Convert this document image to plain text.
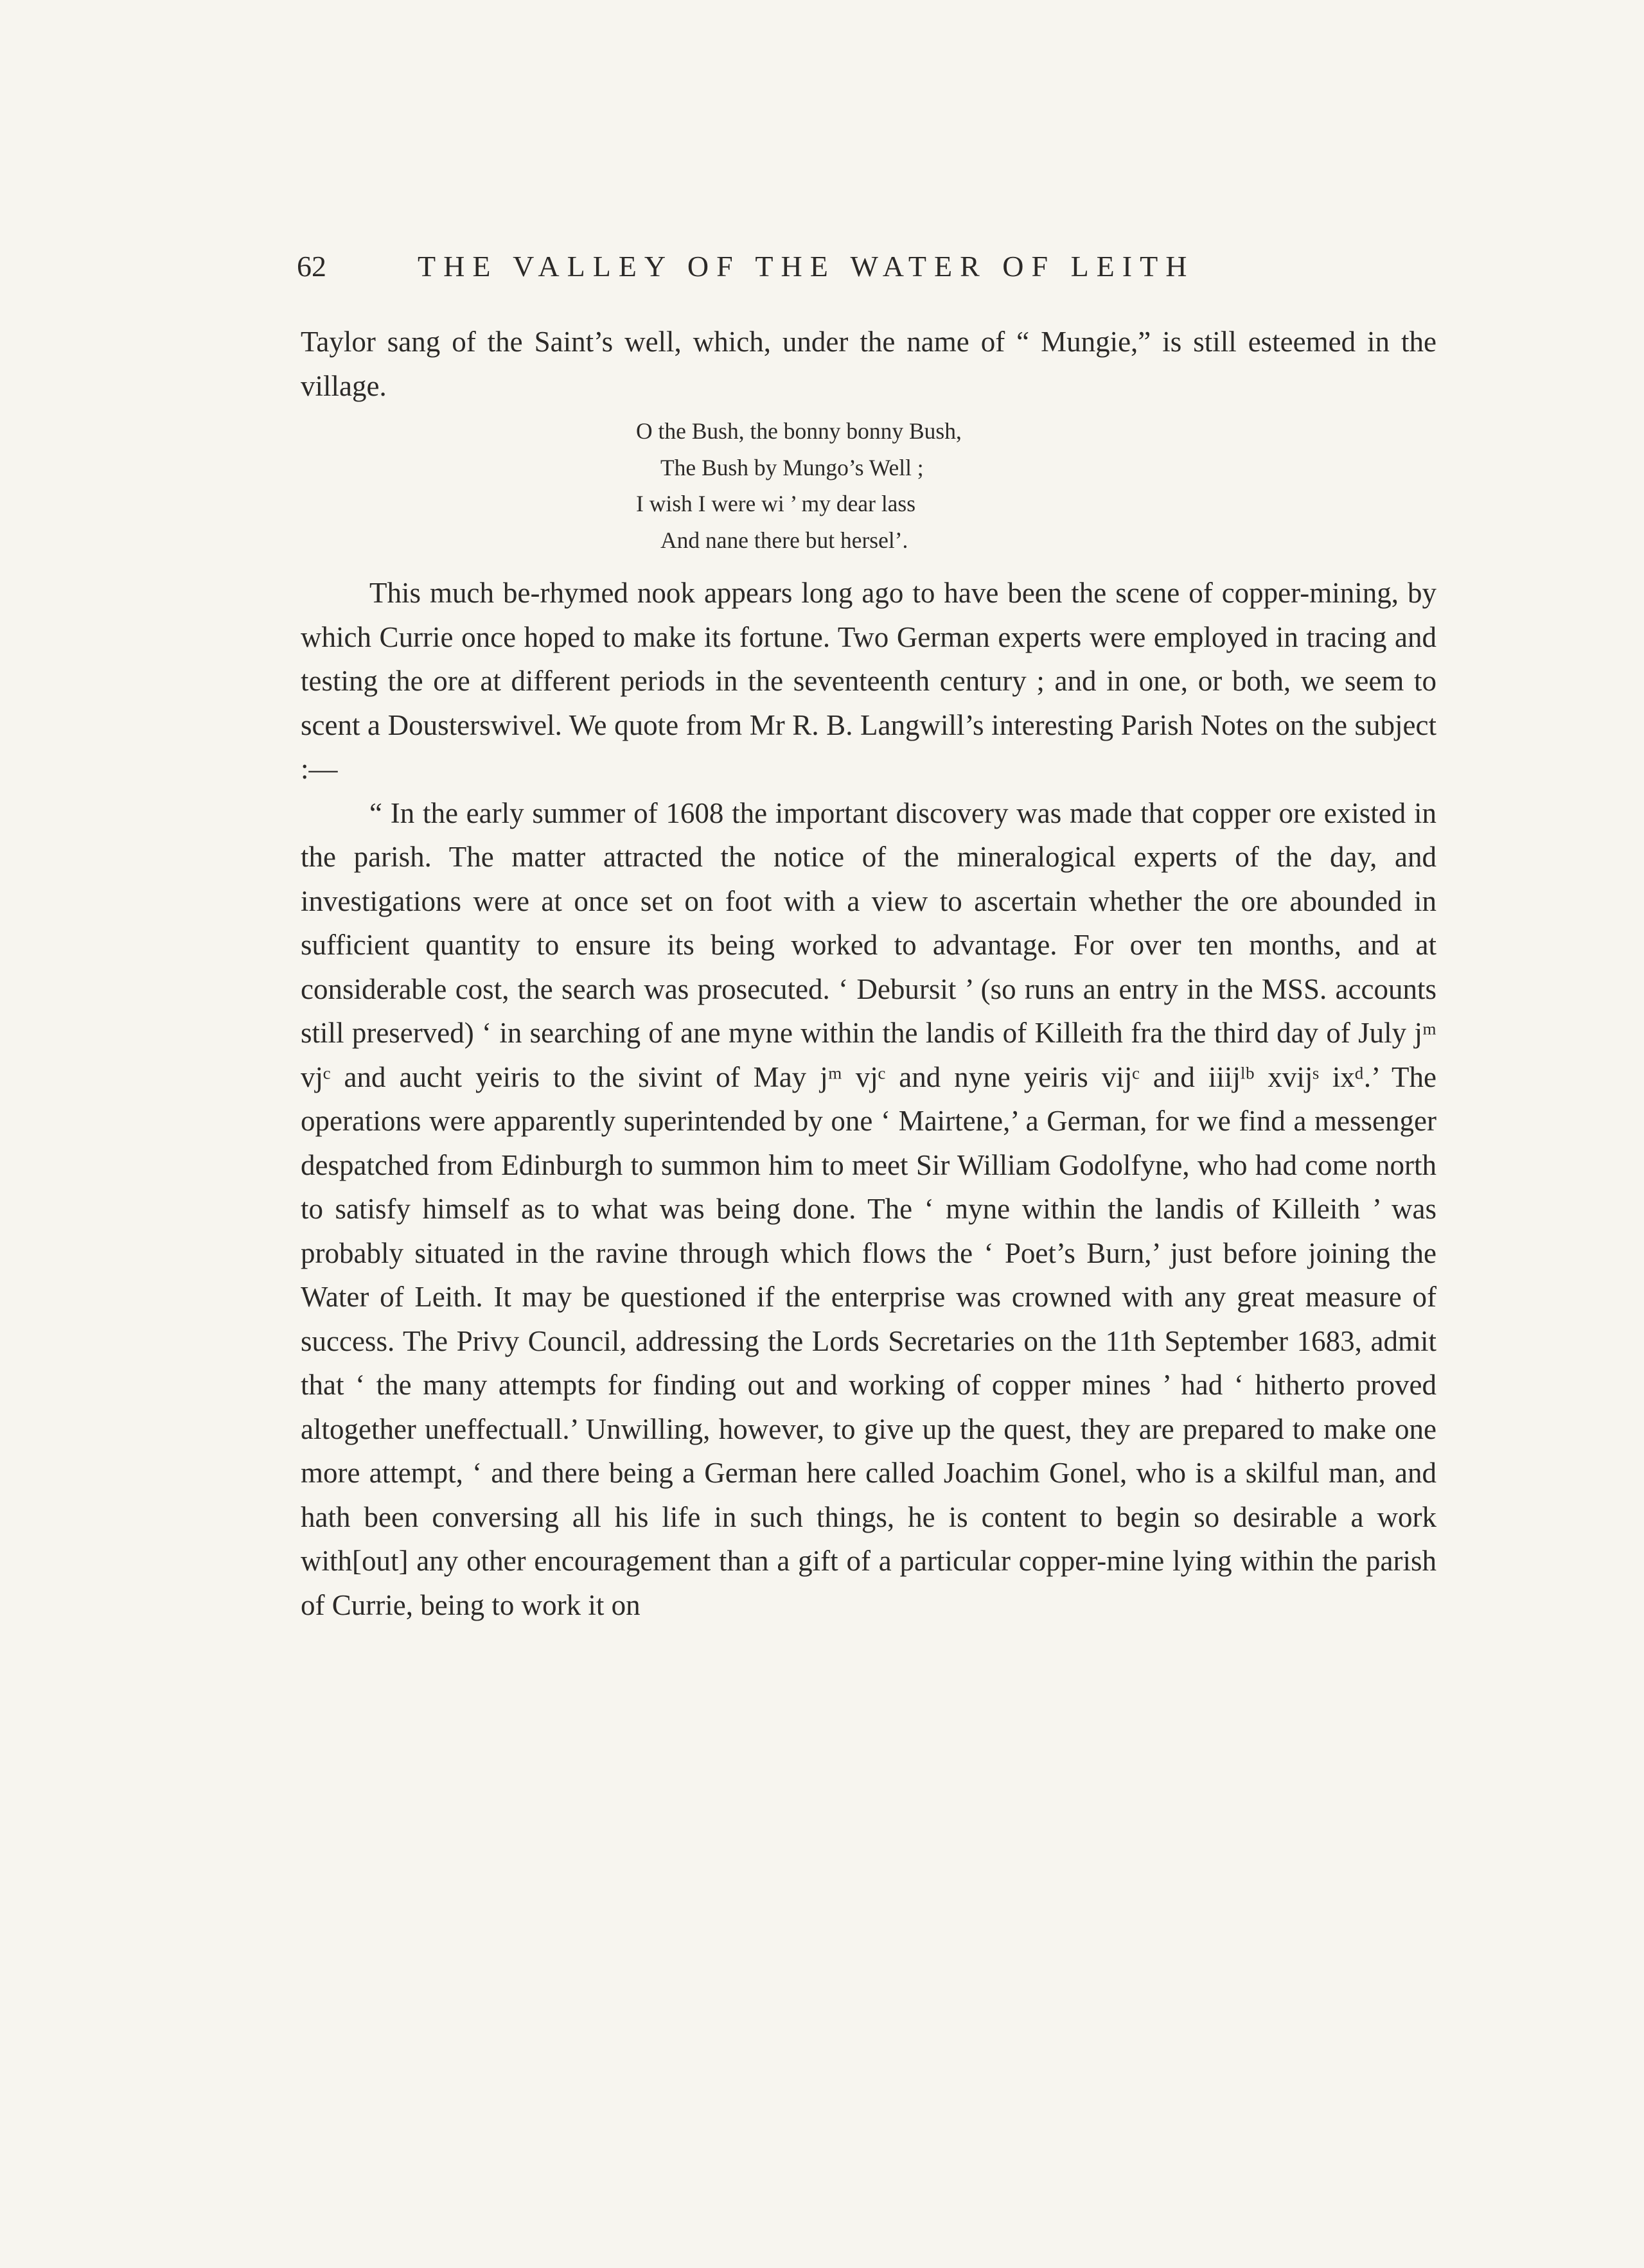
62	THE VALLEY OF THE WATER OF LEITH

Taylor sang of the Saint’s well, which, under the name of “ Mungie,” is still esteemed in the village.

O the Bush, the bonny bonny Bush,
The Bush by Mungo’s Well ;
I wish I were wi ’ my dear lass
And nane there but hersel’.

This much be-rhymed nook appears long ago to have been the scene of copper-mining, by which Currie once hoped to make its fortune. Two German experts were employed in tracing and testing the ore at different periods in the seventeenth century ; and in one, or both, we seem to scent a Dousterswivel. We quote from Mr R. B. Langwill’s interesting Parish Notes on the subject :—

“ In the early summer of 1608 the important discovery was made that copper ore existed in the parish. The matter attracted the notice of the mineralogical experts of the day, and investigations were at once set on foot with a view to ascertain whether the ore abounded in sufficient quantity to ensure its being worked to advantage. For over ten months, and at considerable cost, the search was prosecuted. ‘ Debursit ’ (so runs an entry in the MSS. accounts still preserved) ‘ in searching of ane myne within the landis of Killeith fra the third day of July jᵐ vjᶜ and aucht yeiris to the sivint of May jᵐ vjᶜ and nyne yeiris vijᶜ and iiijˡᵇ xvijˢ ixᵈ.’ The operations were apparently superintended by one ‘ Mairtene,’ a German, for we find a messenger despatched from Edinburgh to summon him to meet Sir William Godolfyne, who had come north to satisfy himself as to what was being done. The ‘ myne within the landis of Killeith ’ was probably situated in the ravine through which flows the ‘ Poet’s Burn,’ just before joining the Water of Leith. It may be questioned if the enterprise was crowned with any great measure of success. The Privy Council, addressing the Lords Secretaries on the 11th September 1683, admit that ‘ the many attempts for finding out and working of copper mines ’ had ‘ hitherto proved altogether uneffectuall.’ Unwilling, however, to give up the quest, they are prepared to make one more attempt, ‘ and there being a German here called Joachim Gonel, who is a skilful man, and hath been conversing all his life in such things, he is content to begin so desirable a work with[out] any other encouragement than a gift of a particular copper-mine lying within the parish of Currie, being to work it on
